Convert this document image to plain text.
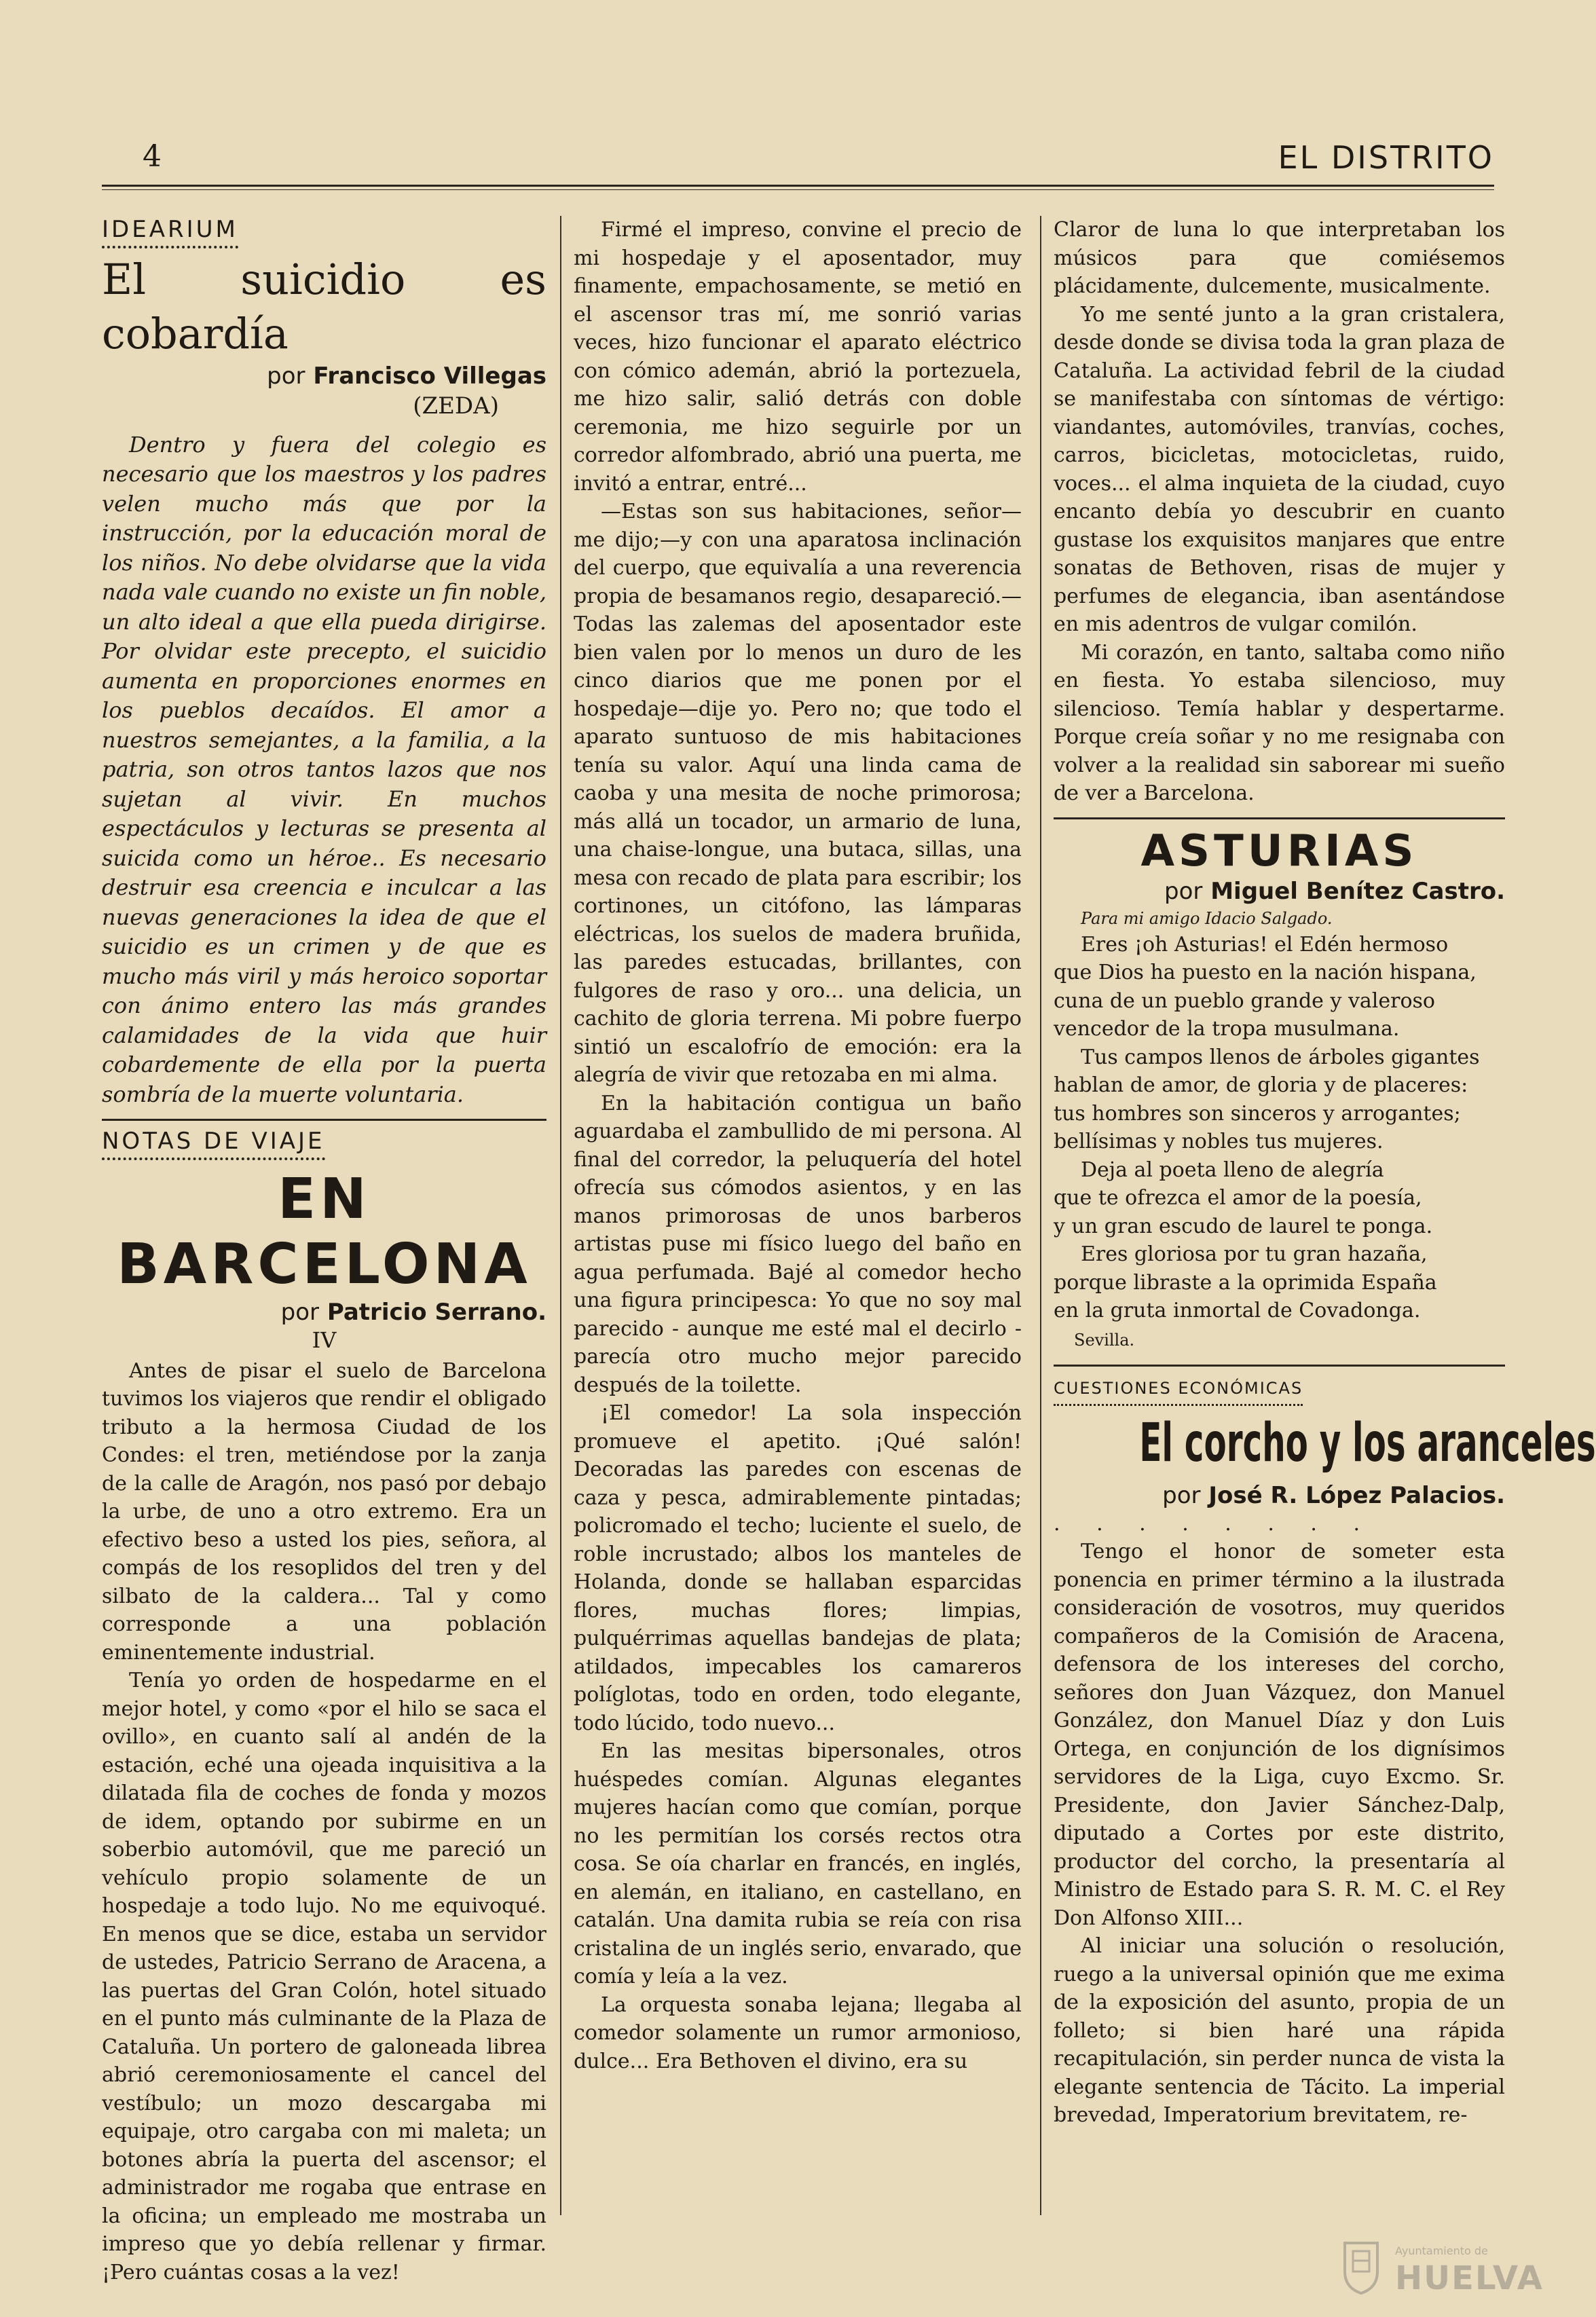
4	EL DISTRITO
IDEARIUM
El suicidio es cobardía
por Francisco Villegas
(ZEDA)

Dentro y fuera del colegio es necesario que los maestros y los padres velen mucho más que por la instrucción, por la educación moral de los niños. No debe olvidarse que la vida nada vale cuando no existe un fin noble, un alto ideal a que ella pueda dirigirse. Por olvidar este precepto, el suicidio aumenta en proporciones enormes en los pueblos decaídos. El amor a nuestros semejantes, a la familia, a la patria, son otros tantos lazos que nos sujetan al vivir. En muchos espectáculos y lecturas se presenta al suicida como un héroe.. Es necesario destruir esa creencia e inculcar a las nuevas generaciones la idea de que el suicidio es un crimen y de que es mucho más viril y más heroico soportar con ánimo entero las más grandes calamidades de la vida que huir cobardemente de ella por la puerta sombría de la muerte voluntaria.

NOTAS DE VIAJE
EN BARCELONA
por Patricio Serrano.
IV

Antes de pisar el suelo de Barcelona tuvimos los viajeros que rendir el obligado tributo a la hermosa Ciudad de los Condes: el tren, metiéndose por la zanja de la calle de Aragón, nos pasó por debajo la urbe, de uno a otro extremo. Era un efectivo beso a usted los pies, señora, al compás de los resoplidos del tren y del silbato de la caldera... Tal y como corresponde a una población eminentemente industrial.

Tenía yo orden de hospedarme en el mejor hotel, y como «por el hilo se saca el ovillo», en cuanto salí al andén de la estación, eché una ojeada inquisitiva a la dilatada fila de coches de fonda y mozos de idem, optando por subirme en un soberbio automóvil, que me pareció un vehículo propio solamente de un hospedaje a todo lujo. No me equivoqué. En menos que se dice, estaba un servidor de ustedes, Patricio Serrano de Aracena, a las puertas del Gran Colón, hotel situado en el punto más culminante de la Plaza de Cataluña. Un portero de galoneada librea abrió ceremoniosamente el cancel del vestíbulo; un mozo descargaba mi equipaje, otro cargaba con mi maleta; un botones abría la puerta del ascensor; el administrador me rogaba que entrase en la oficina; un empleado me mostraba un impreso que yo debía rellenar y firmar. ¡Pero cuántas cosas a la vez!

Firmé el impreso, convine el precio de mi hospedaje y el aposentador, muy finamente, empachosamente, se metió en el ascensor tras mí, me sonrió varias veces, hizo funcionar el aparato eléctrico con cómico ademán, abrió la portezuela, me hizo salir, salió detrás con doble ceremonia, me hizo seguirle por un corredor alfombrado, abrió una puerta, me invitó a entrar, entré...

—Estas son sus habitaciones, señor— me dijo;—y con una aparatosa inclinación del cuerpo, que equivalía a una reverencia propia de besamanos regio, desapareció.—Todas las zalemas del aposentador este bien valen por lo menos un duro de les cinco diarios que me ponen por el hospedaje—dije yo. Pero no; que todo el aparato suntuoso de mis habitaciones tenía su valor. Aquí una linda cama de caoba y una mesita de noche primorosa; más allá un tocador, un armario de luna, una chaise-longue, una butaca, sillas, una mesa con recado de plata para escribir; los cortinones, un citófono, las lámparas eléctricas, los suelos de madera bruñida, las paredes estucadas, brillantes, con fulgores de raso y oro... una delicia, un cachito de gloria terrena. Mi pobre fuerpo sintió un escalofrío de emoción: era la alegría de vivir que retozaba en mi alma.

En la habitación contigua un baño aguardaba el zambullido de mi persona. Al final del corredor, la peluquería del hotel ofrecía sus cómodos asientos, y en las manos primorosas de unos barberos artistas puse mi físico luego del baño en agua perfumada. Bajé al comedor hecho una figura principesca: Yo que no soy mal parecido - aunque me esté mal el decirlo - parecía otro mucho mejor parecido después de la toilette.

¡El comedor! La sola inspección promueve el apetito. ¡Qué salón! Decoradas las paredes con escenas de caza y pesca, admirablemente pintadas; policromado el techo; luciente el suelo, de roble incrustado; albos los manteles de Holanda, donde se hallaban esparcidas flores, muchas flores; limpias, pulquérrimas aquellas bandejas de plata; atildados, impecables los camareros políglotas, todo en orden, todo elegante, todo lúcido, todo nuevo...

En las mesitas bipersonales, otros huéspedes comían. Algunas elegantes mujeres hacían como que comían, porque no les permitían los corsés rectos otra cosa. Se oía charlar en francés, en inglés, en alemán, en italiano, en castellano, en catalán. Una damita rubia se reía con risa cristalina de un inglés serio, envarado, que comía y leía a la vez.

La orquesta sonaba lejana; llegaba al comedor solamente un rumor armonioso, dulce... Era Bethoven el divino, era su

Claror de luna lo que interpretaban los músicos para que comiésemos plácidamente, dulcemente, musicalmente.

Yo me senté junto a la gran cristalera, desde donde se divisa toda la gran plaza de Cataluña. La actividad febril de la ciudad se manifestaba con síntomas de vértigo: viandantes, automóviles, tranvías, coches, carros, bicicletas, motocicletas, ruido, voces... el alma inquieta de la ciudad, cuyo encanto debía yo descubrir en cuanto gustase los exquisitos manjares que entre sonatas de Bethoven, risas de mujer y perfumes de elegancia, iban asentándose en mis adentros de vulgar comilón.

Mi corazón, en tanto, saltaba como niño en fiesta. Yo estaba silencioso, muy silencioso. Temía hablar y despertarme. Porque creía soñar y no me resignaba con volver a la realidad sin saborear mi sueño de ver a Barcelona.

ASTURIAS
por Miguel Benítez Castro.
Para mi amigo Idacio Salgado.
Eres ¡oh Asturias! el Edén hermoso
que Dios ha puesto en la nación hispana,
cuna de un pueblo grande y valeroso
vencedor de la tropa musulmana.
Tus campos llenos de árboles gigantes
hablan de amor, de gloria y de placeres:
tus hombres son sinceros y arrogantes;
bellísimas y nobles tus mujeres.
Deja al poeta lleno de alegría
que te ofrezca el amor de la poesía,
y un gran escudo de laurel te ponga.
Eres gloriosa por tu gran hazaña,
porque libraste a la oprimida España
en la gruta inmortal de Covadonga.
Sevilla.
CUESTIONES ECONÓMICAS
El corcho y los aranceles
por José R. López Palacios.
. . . . . . . .

Tengo el honor de someter esta ponencia en primer término a la ilustrada consideración de vosotros, muy queridos compañeros de la Comisión de Aracena, defensora de los intereses del corcho, señores don Juan Vázquez, don Manuel González, don Manuel Díaz y don Luis Ortega, en conjunción de los dignísimos servidores de la Liga, cuyo Excmo. Sr. Presidente, don Javier Sánchez-Dalp, diputado a Cortes por este distrito, productor del corcho, la presentaría al Ministro de Estado para S. R. M. C. el Rey Don Alfonso XIII...

Al iniciar una solución o resolución, ruego a la universal opinión que me exima de la exposición del asunto, propia de un folleto; si bien haré una rápida recapitulación, sin perder nunca de vista la elegante sentencia de Tácito. La imperial brevedad, Imperatorium brevitatem, re-

Ayuntamiento de
HUELVA
